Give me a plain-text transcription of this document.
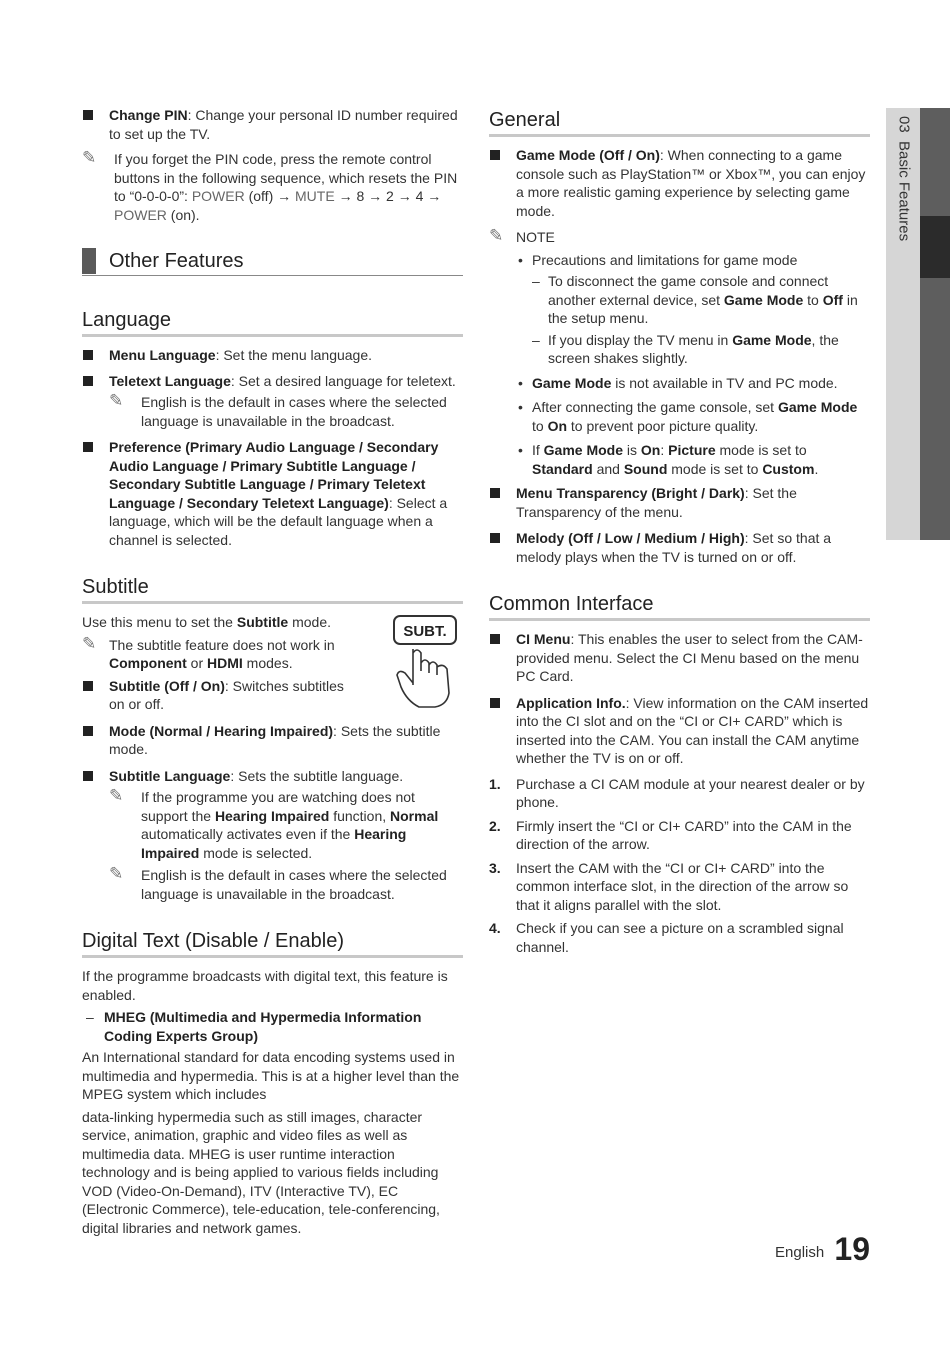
Change PIN: Change your personal ID number required to set up the TV.
✎ If you forget the PIN code, press the remote control buttons in the following sequence, which resets the PIN to “0-0-0-0”: POWER (off) → MUTE → 8 → 2 → 4 → POWER (on).
Other Features
Language
Menu Language: Set the menu language.
Teletext Language: Set a desired language for teletext.
✎ English is the default in cases where the selected language is unavailable in the broadcast.
Preference (Primary Audio Language / Secondary Audio Language / Primary Subtitle Language / Secondary Subtitle Language / Primary Teletext Language / Secondary Teletext Language): Select a language, which will be the default language when a channel is selected.
Subtitle
SUBT.

Use this menu to set the Subtitle mode.

✎ The subtitle feature does not work in Component or HDMI modes.
Subtitle (Off / On): Switches subtitles on or off.
Mode (Normal / Hearing Impaired): Sets the subtitle mode.
Subtitle Language: Sets the subtitle language.
✎ If the programme you are watching does not support the Hearing Impaired function, Normal automatically activates even if the Hearing Impaired mode is selected.
✎ English is the default in cases where the selected language is unavailable in the broadcast.
Digital Text (Disable / Enable)

If the programme broadcasts with digital text, this feature is enabled.

– MHEG (Multimedia and Hypermedia Information Coding Experts Group)

An International standard for data encoding systems used in multimedia and hypermedia. This is at a higher level than the MPEG system which includes

data-linking hypermedia such as still images, character service, animation, graphic and video files as well as multimedia data. MHEG is user runtime interaction technology and is being applied to various fields including VOD (Video-On-Demand), ITV (Interactive TV), EC (Electronic Commerce), tele-education, tele-conferencing, digital libraries and network games.

General
Game Mode (Off / On): When connecting to a game console such as PlayStation™ or Xbox™, you can enjoy a more realistic gaming experience by selecting game mode.
✎ NOTE
• Precautions and limitations for game mode
– To disconnect the game console and connect another external device, set Game Mode to Off in the setup menu.
– If you display the TV menu in Game Mode, the screen shakes slightly.
• Game Mode is not available in TV and PC mode.
• After connecting the game console, set Game Mode to On to prevent poor picture quality.
• If Game Mode is On: Picture mode is set to Standard and Sound mode is set to Custom.
Menu Transparency (Bright / Dark): Set the Transparency of the menu.
Melody (Off / Low / Medium / High): Set so that a melody plays when the TV is turned on or off.
Common Interface
CI Menu: This enables the user to select from the CAM-provided menu. Select the CI Menu based on the menu PC Card.
Application Info.: View information on the CAM inserted into the CI slot and on the “CI or CI+ CARD” which is inserted into the CAM. You can install the CAM anytime whether the TV is on or off.
1. Purchase a CI CAM module at your nearest dealer or by phone.
2. Firmly insert the “CI or CI+ CARD” into the CAM in the direction of the arrow.
3. Insert the CAM with the “CI or CI+ CARD” into the common interface slot, in the direction of the arrow so that it aligns parallel with the slot.
4. Check if you can see a picture on a scrambled signal channel.
03  Basic Features
English 19
